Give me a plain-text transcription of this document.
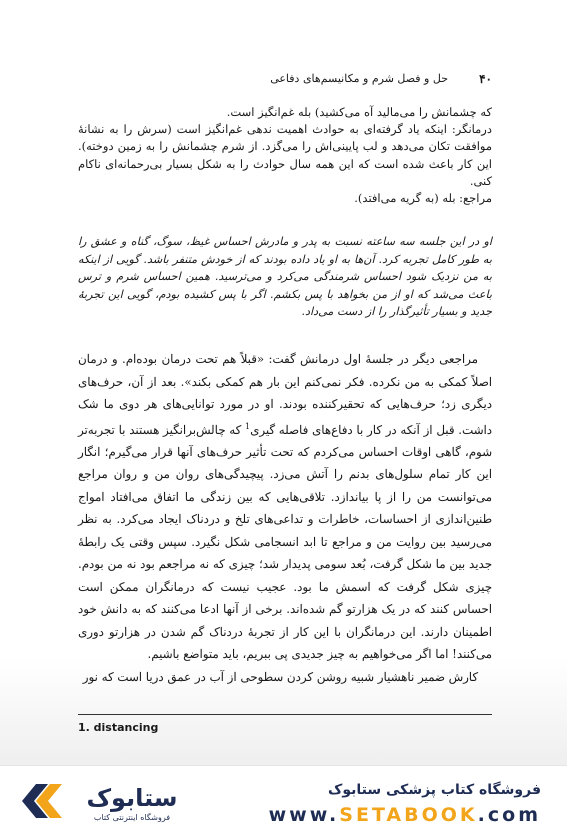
۴۰
حل و فصل شرم و مکانیسم‌های دفاعی

که چشمانش را می‌مالید آه می‌کشید) بله غم‌انگیز است.

درمانگر: اینکه یاد گرفته‌ای به حوادث اهمیت ندهی غم‌انگیز است (سرش را به نشانهٔ موافقت تکان می‌دهد و لب پایینی‌اش را می‌گزد. از شرم چشمانش را به زمین دوخته). این کار باعث شده است که این همه سال حوادث را به شکل بسیار بی‌رحمانه‌ای ناکام کنی.

مراجع: بله (به گریه می‌افتد).

او در این جلسه سه ساعته نسبت به پدر و مادرش احساس غیظ، سوگ، گناه و عشق را به طور کامل تجربه کرد. آن‌ها به او یاد داده بودند که از خودش متنفر باشد. گویی از اینکه به من نزدیک شود احساس شرمندگی می‌کرد و می‌ترسید. همین احساس شرم و ترس باعث می‌شد که او از من بخواهد با پس بکشم. اگر با پس کشیده بودم، گویی این تجربهٔ جدید و بسیار تأثیرگذار را از دست می‌داد.

مراجعی دیگر در جلسهٔ اول درمانش گفت: «قبلاً هم تحت درمان بوده‌ام. و درمان اصلاً کمکی به من نکرده. فکر نمی‌کنم این بار هم کمکی بکند». بعد از آن، حرف‌های دیگری زد؛ حرف‌هایی که تحقیرکننده بودند. او در مورد توانایی‌های هر دوی ما شک داشت. قبل از آنکه در کار با دفاع‌های فاصله گیری$^1$ که چالش‌برانگیز هستند با تجربه‌تر شوم، گاهی اوقات احساس می‌کردم که تحت تأثیر حرف‌های آنها قرار می‌گیرم؛ انگار این کار تمام سلول‌های بدنم را آتش می‌زد. پیچیدگی‌های روان من و روان مراجع می‌توانست من را از پا بیاندازد. تلاقی‌هایی که بین زندگی ما اتفاق می‌افتاد امواج طنین‌اندازی از احساسات، خاطرات و تداعی‌های تلخ و دردناک ایجاد می‌کرد. به نظر می‌رسید بین روایت من و مراجع تا ابد انسجامی شکل نگیرد. سپس وقتی یک رابطهٔ جدید بین ما شکل گرفت، بُعد سومی پدیدار شد؛ چیزی که نه مراجعم بود نه من بودم. چیزی شکل گرفت که اسمش ما بود. عجیب نیست که درمانگران ممکن است احساس کنند که در یک هزارتو گم شده‌اند. برخی از آنها ادعا می‌کنند که به دانش خود اطمینان دارند. این درمانگران با این کار از تجربهٔ دردناک گم شدن در هزارتو دوری می‌کنند! اما اگر می‌خواهیم به چیز جدیدی پی ببریم، باید متواضع باشیم.

کارش ضمیر ناهشیار شبیه روشن کردن سطوحی از آب در عمق دریا است که نور

1. distancing
ستابوک
فروشگاه اینترنتی کتاب
فروشگاه کتاب پزشکی ستابوک
www.SETABOOK.com
